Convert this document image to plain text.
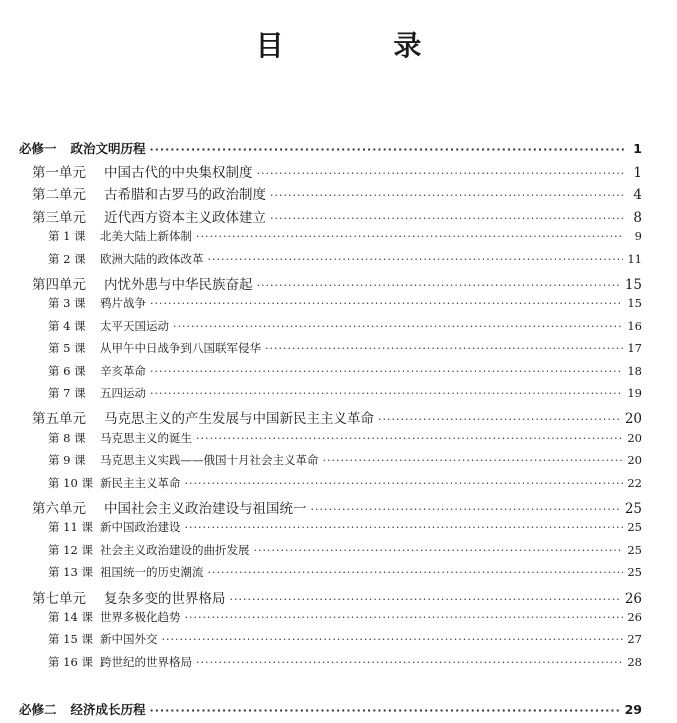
目 录
必修一 政治文明历程 ·····	1
第一单元	中国古代的中央集权制度 ·····	1
第二单元	古希腊和古罗马的政治制度 ·····	4
第三单元	近代西方资本主义政体建立 ·····	8
第 1 课	北美大陆上新体制 ·····	9
第 2 课	欧洲大陆的政体改革 ·····	11
第四单元	内忧外患与中华民族奋起 ·····	15
第 3 课	鸦片战争 ·····	15
第 4 课	太平天国运动 ·····	16
第 5 课	从甲午中日战争到八国联军侵华 ·····	17
第 6 课	辛亥革命 ·····	18
第 7 课	五四运动 ·····	19
第五单元	马克思主义的产生发展与中国新民主主义革命 ·····	20
第 8 课	马克思主义的诞生 ·····	20
第 9 课	马克思主义实践——俄国十月社会主义革命 ·····	20
第 10 课 新民主主义革命 ·····	22
第六单元	中国社会主义政治建设与祖国统一 ·····	25
第 11 课 新中国政治建设 ·····	25
第 12 课 社会主义政治建设的曲折发展 ·····	25
第 13 课 祖国统一的历史潮流 ·····	25
第七单元	复杂多变的世界格局 ·····	26
第 14 课 世界多极化趋势 ·····	26
第 15 课 新中国外交 ·····	27
第 16 课 跨世纪的世界格局 ·····	28
必修二 经济成长历程 ·····	29
